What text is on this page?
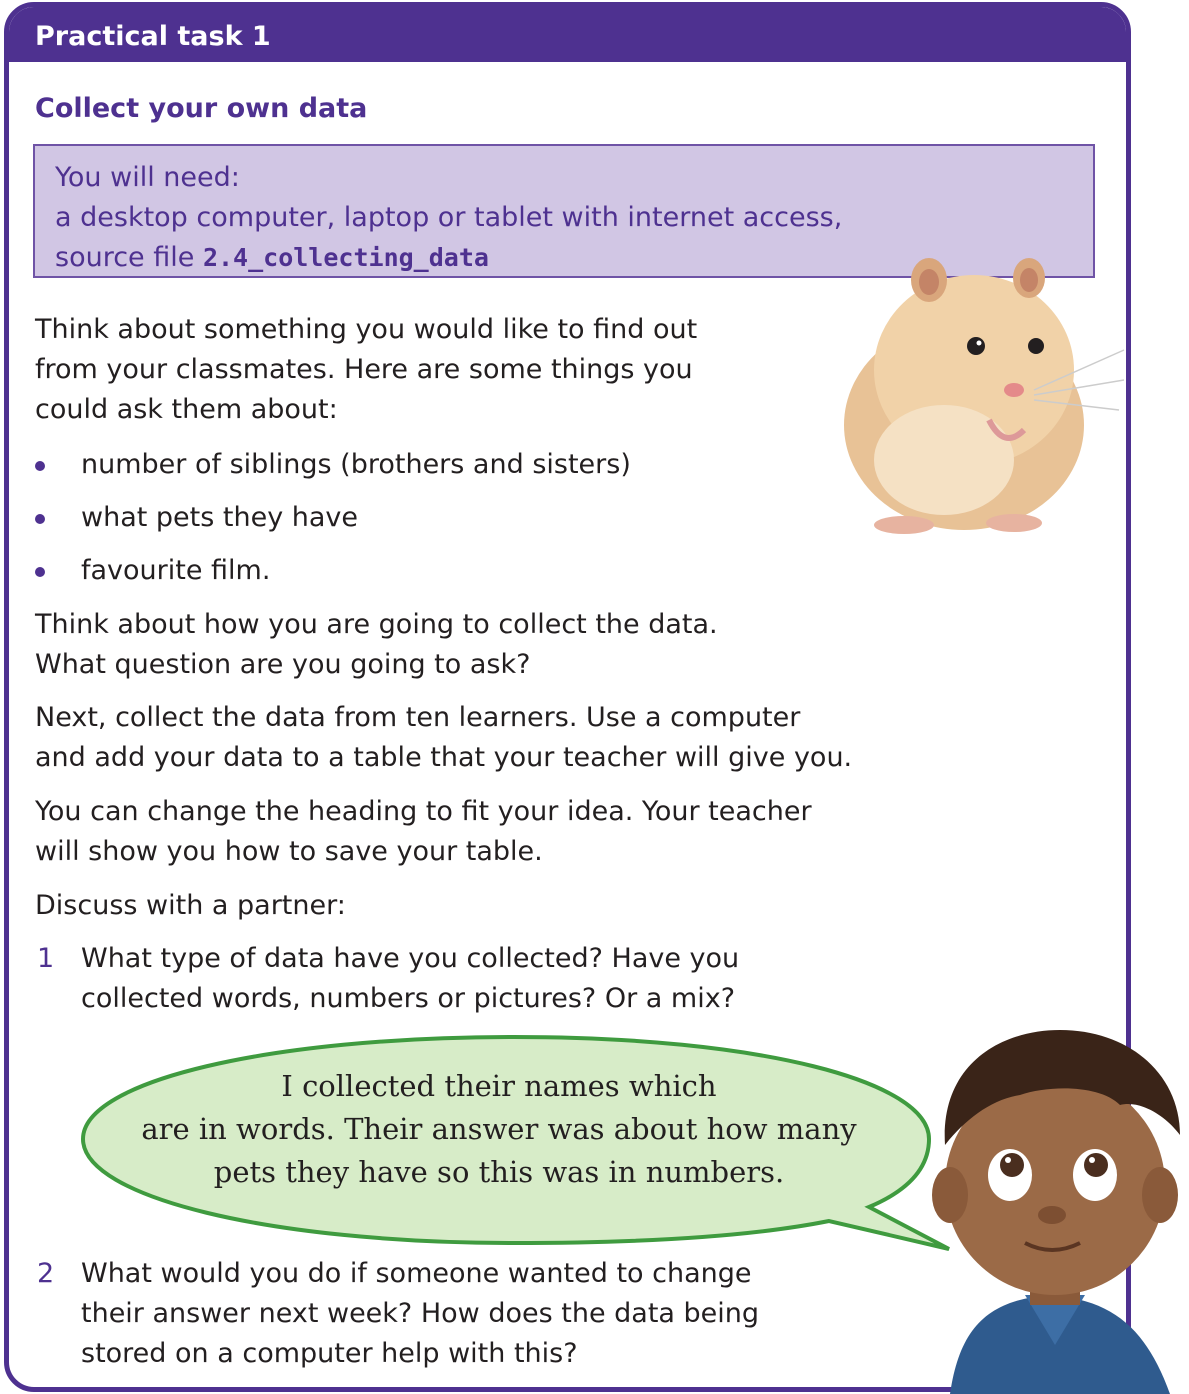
Practical task 1
Collect your own data
You will need:
a desktop computer, laptop or tablet with internet access,
source file 2.4_collecting_data
Think about something you would like to find out
from your classmates. Here are some things you
could ask them about:
number of siblings (brothers and sisters)
what pets they have
favourite film.
Think about how you are going to collect the data.
What question are you going to ask?
Next, collect the data from ten learners. Use a computer
and add your data to a table that your teacher will give you.
You can change the heading to fit your idea. Your teacher
will show you how to save your table.
Discuss with a partner:
1 What type of data have you collected? Have you
collected words, numbers or pictures? Or a mix?
I collected their names which
are in words. Their answer was about how many
pets they have so this was in numbers.
2 What would you do if someone wanted to change
their answer next week? How does the data being
stored on a computer help with this?
